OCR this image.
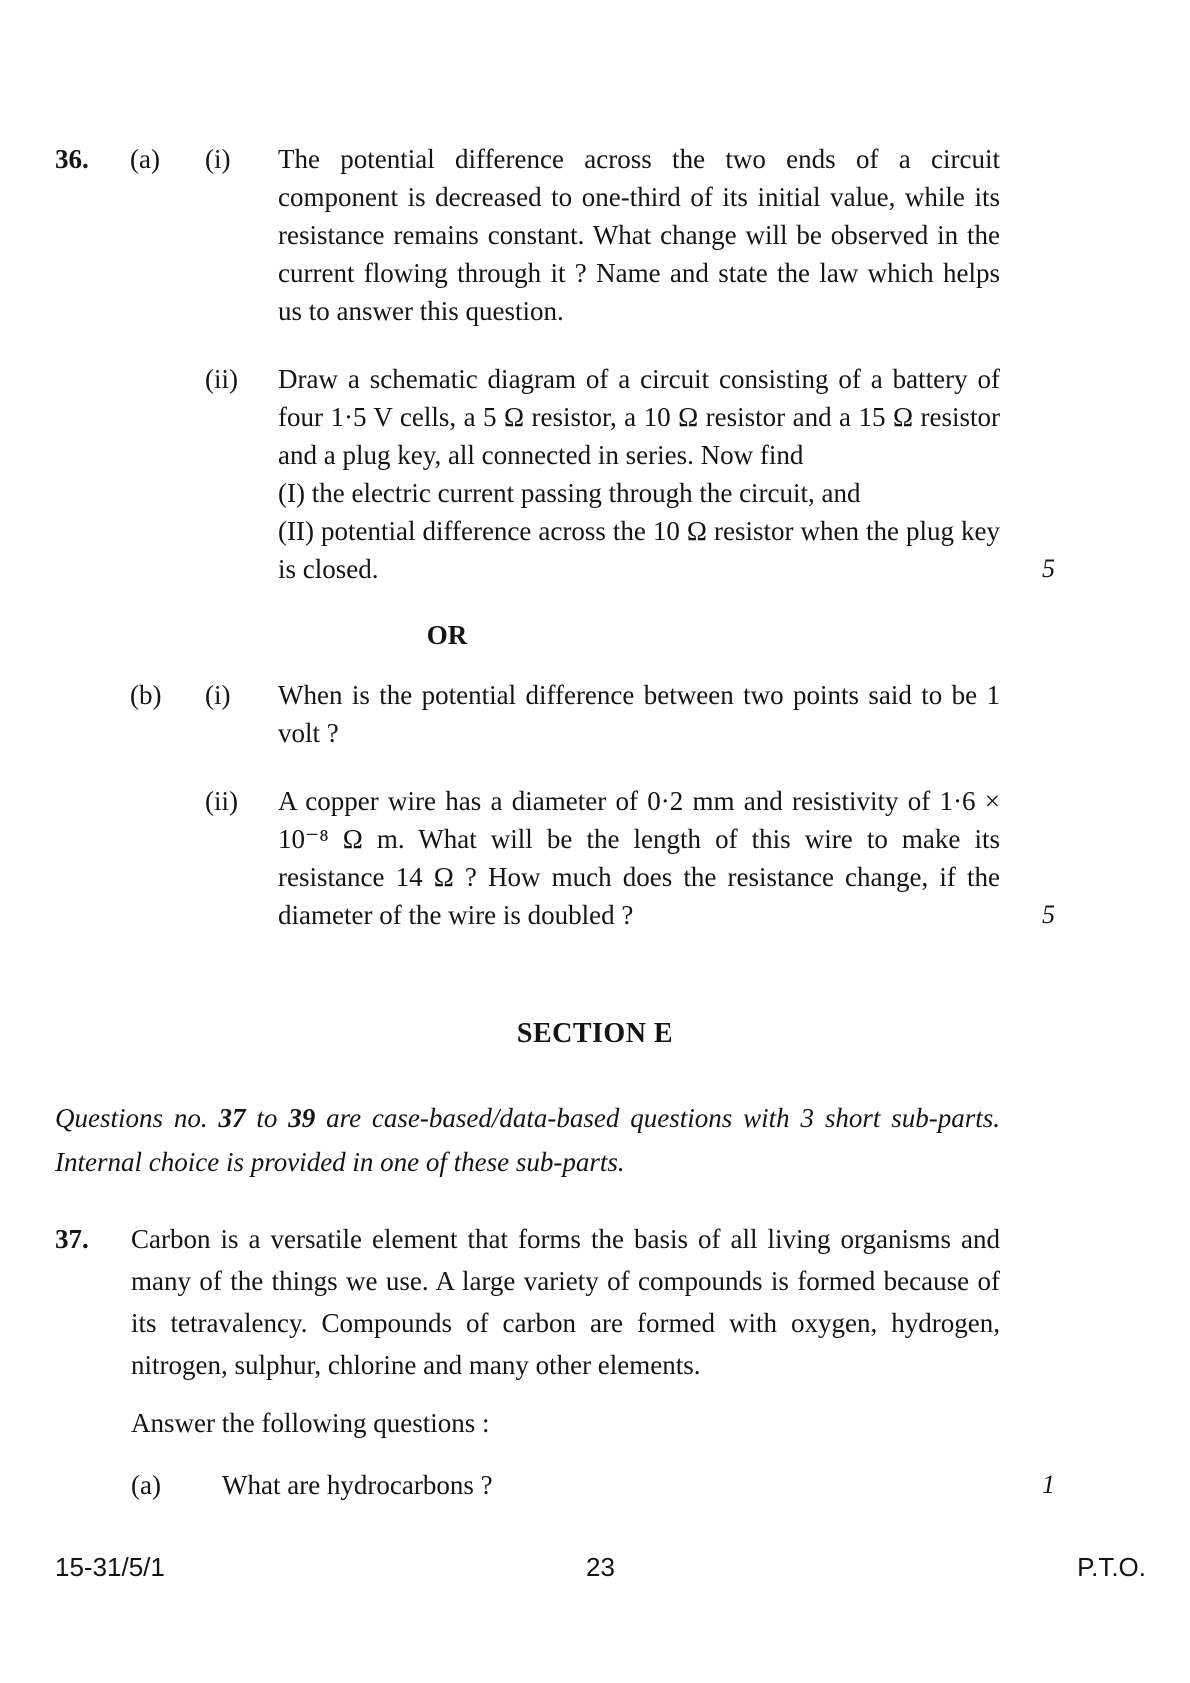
36.	(a)	(i)	The potential difference across the two ends of a circuit component is decreased to one-third of its initial value, while its resistance remains constant. What change will be observed in the current flowing through it ? Name and state the law which helps us to answer this question.
(ii)	Draw a schematic diagram of a circuit consisting of a battery of four 1·5 V cells, a 5 Ω resistor, a 10 Ω resistor and a 15 Ω resistor and a plug key, all connected in series. Now find

(I) the electric current passing through the circuit, and

(II) potential difference across the 10 Ω resistor when the plug key is closed.	5
OR
(b)	(i)	When is the potential difference between two points said to be 1 volt ?
(ii)	A copper wire has a diameter of 0·2 mm and resistivity of 1·6 × 10⁻⁸ Ω m. What will be the length of this wire to make its resistance 14 Ω ? How much does the resistance change, if the diameter of the wire is doubled ?	5
SECTION E
Questions no. 37 to 39 are case-based/data-based questions with 3 short sub-parts. Internal choice is provided in one of these sub-parts.
37.	Carbon is a versatile element that forms the basis of all living organisms and many of the things we use. A large variety of compounds is formed because of its tetravalency. Compounds of carbon are formed with oxygen, hydrogen, nitrogen, sulphur, chlorine and many other elements.
Answer the following questions :
(a)	What are hydrocarbons ?	1
23
15-31/5/1	P.T.O.
